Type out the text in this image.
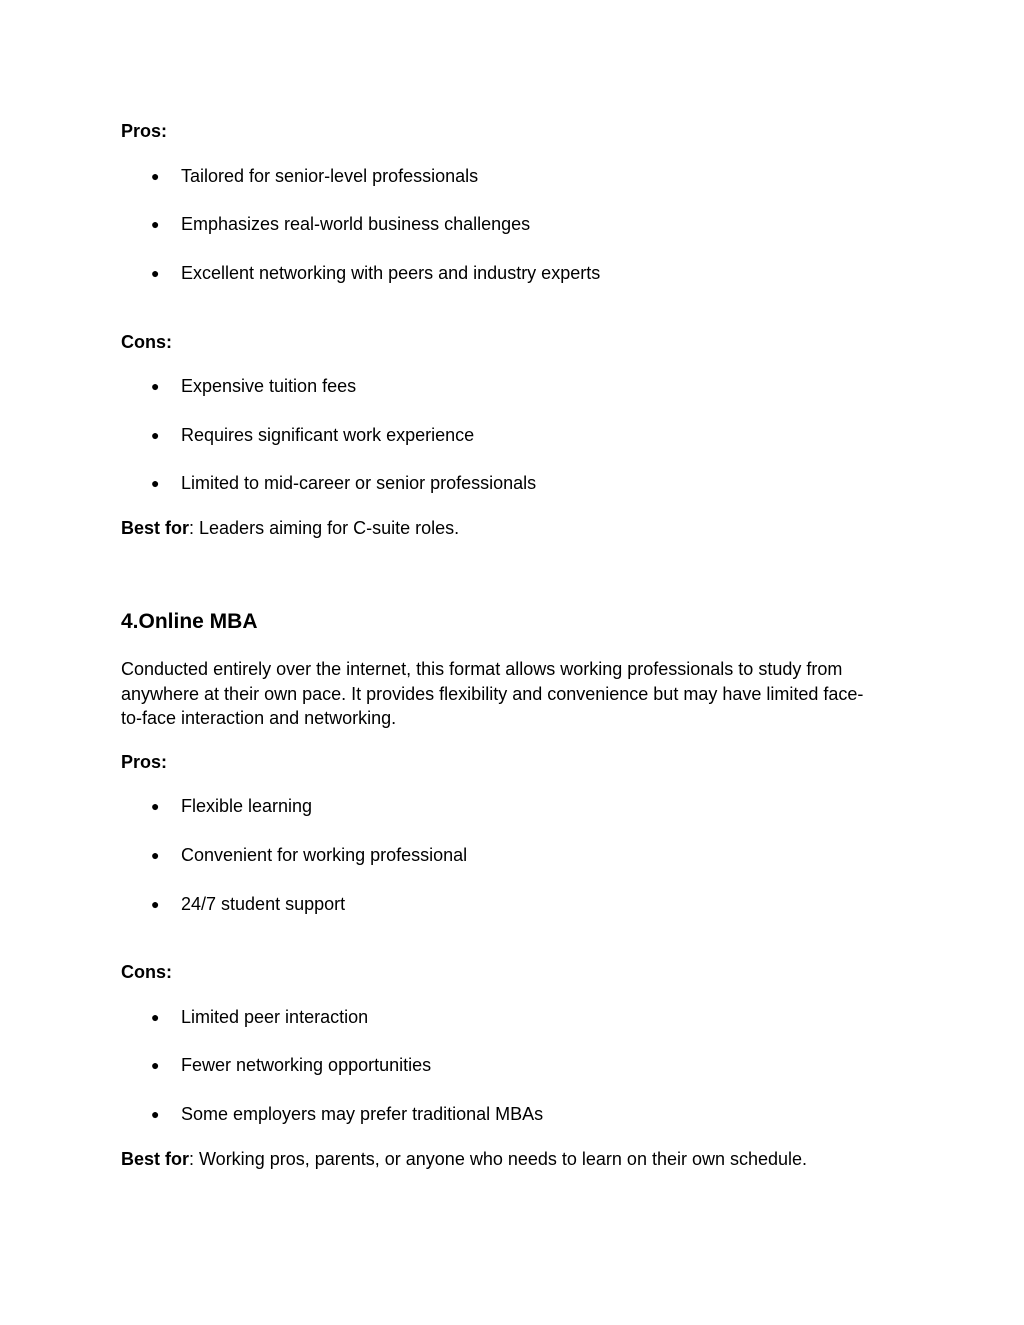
Pros:
● Tailored for senior-level professionals
● Emphasizes real-world business challenges
● Excellent networking with peers and industry experts
Cons:
● Expensive tuition fees
● Requires significant work experience
● Limited to mid-career or senior professionals
Best for: Leaders aiming for C-suite roles.
4.Online MBA
Conducted entirely over the internet, this format allows working professionals to study from anywhere at their own pace. It provides flexibility and convenience but may have limited face-to-face interaction and networking.
Pros:
● Flexible learning
● Convenient for working professional
● 24/7 student support
Cons:
● Limited peer interaction
● Fewer networking opportunities
● Some employers may prefer traditional MBAs
Best for: Working pros, parents, or anyone who needs to learn on their own schedule.
